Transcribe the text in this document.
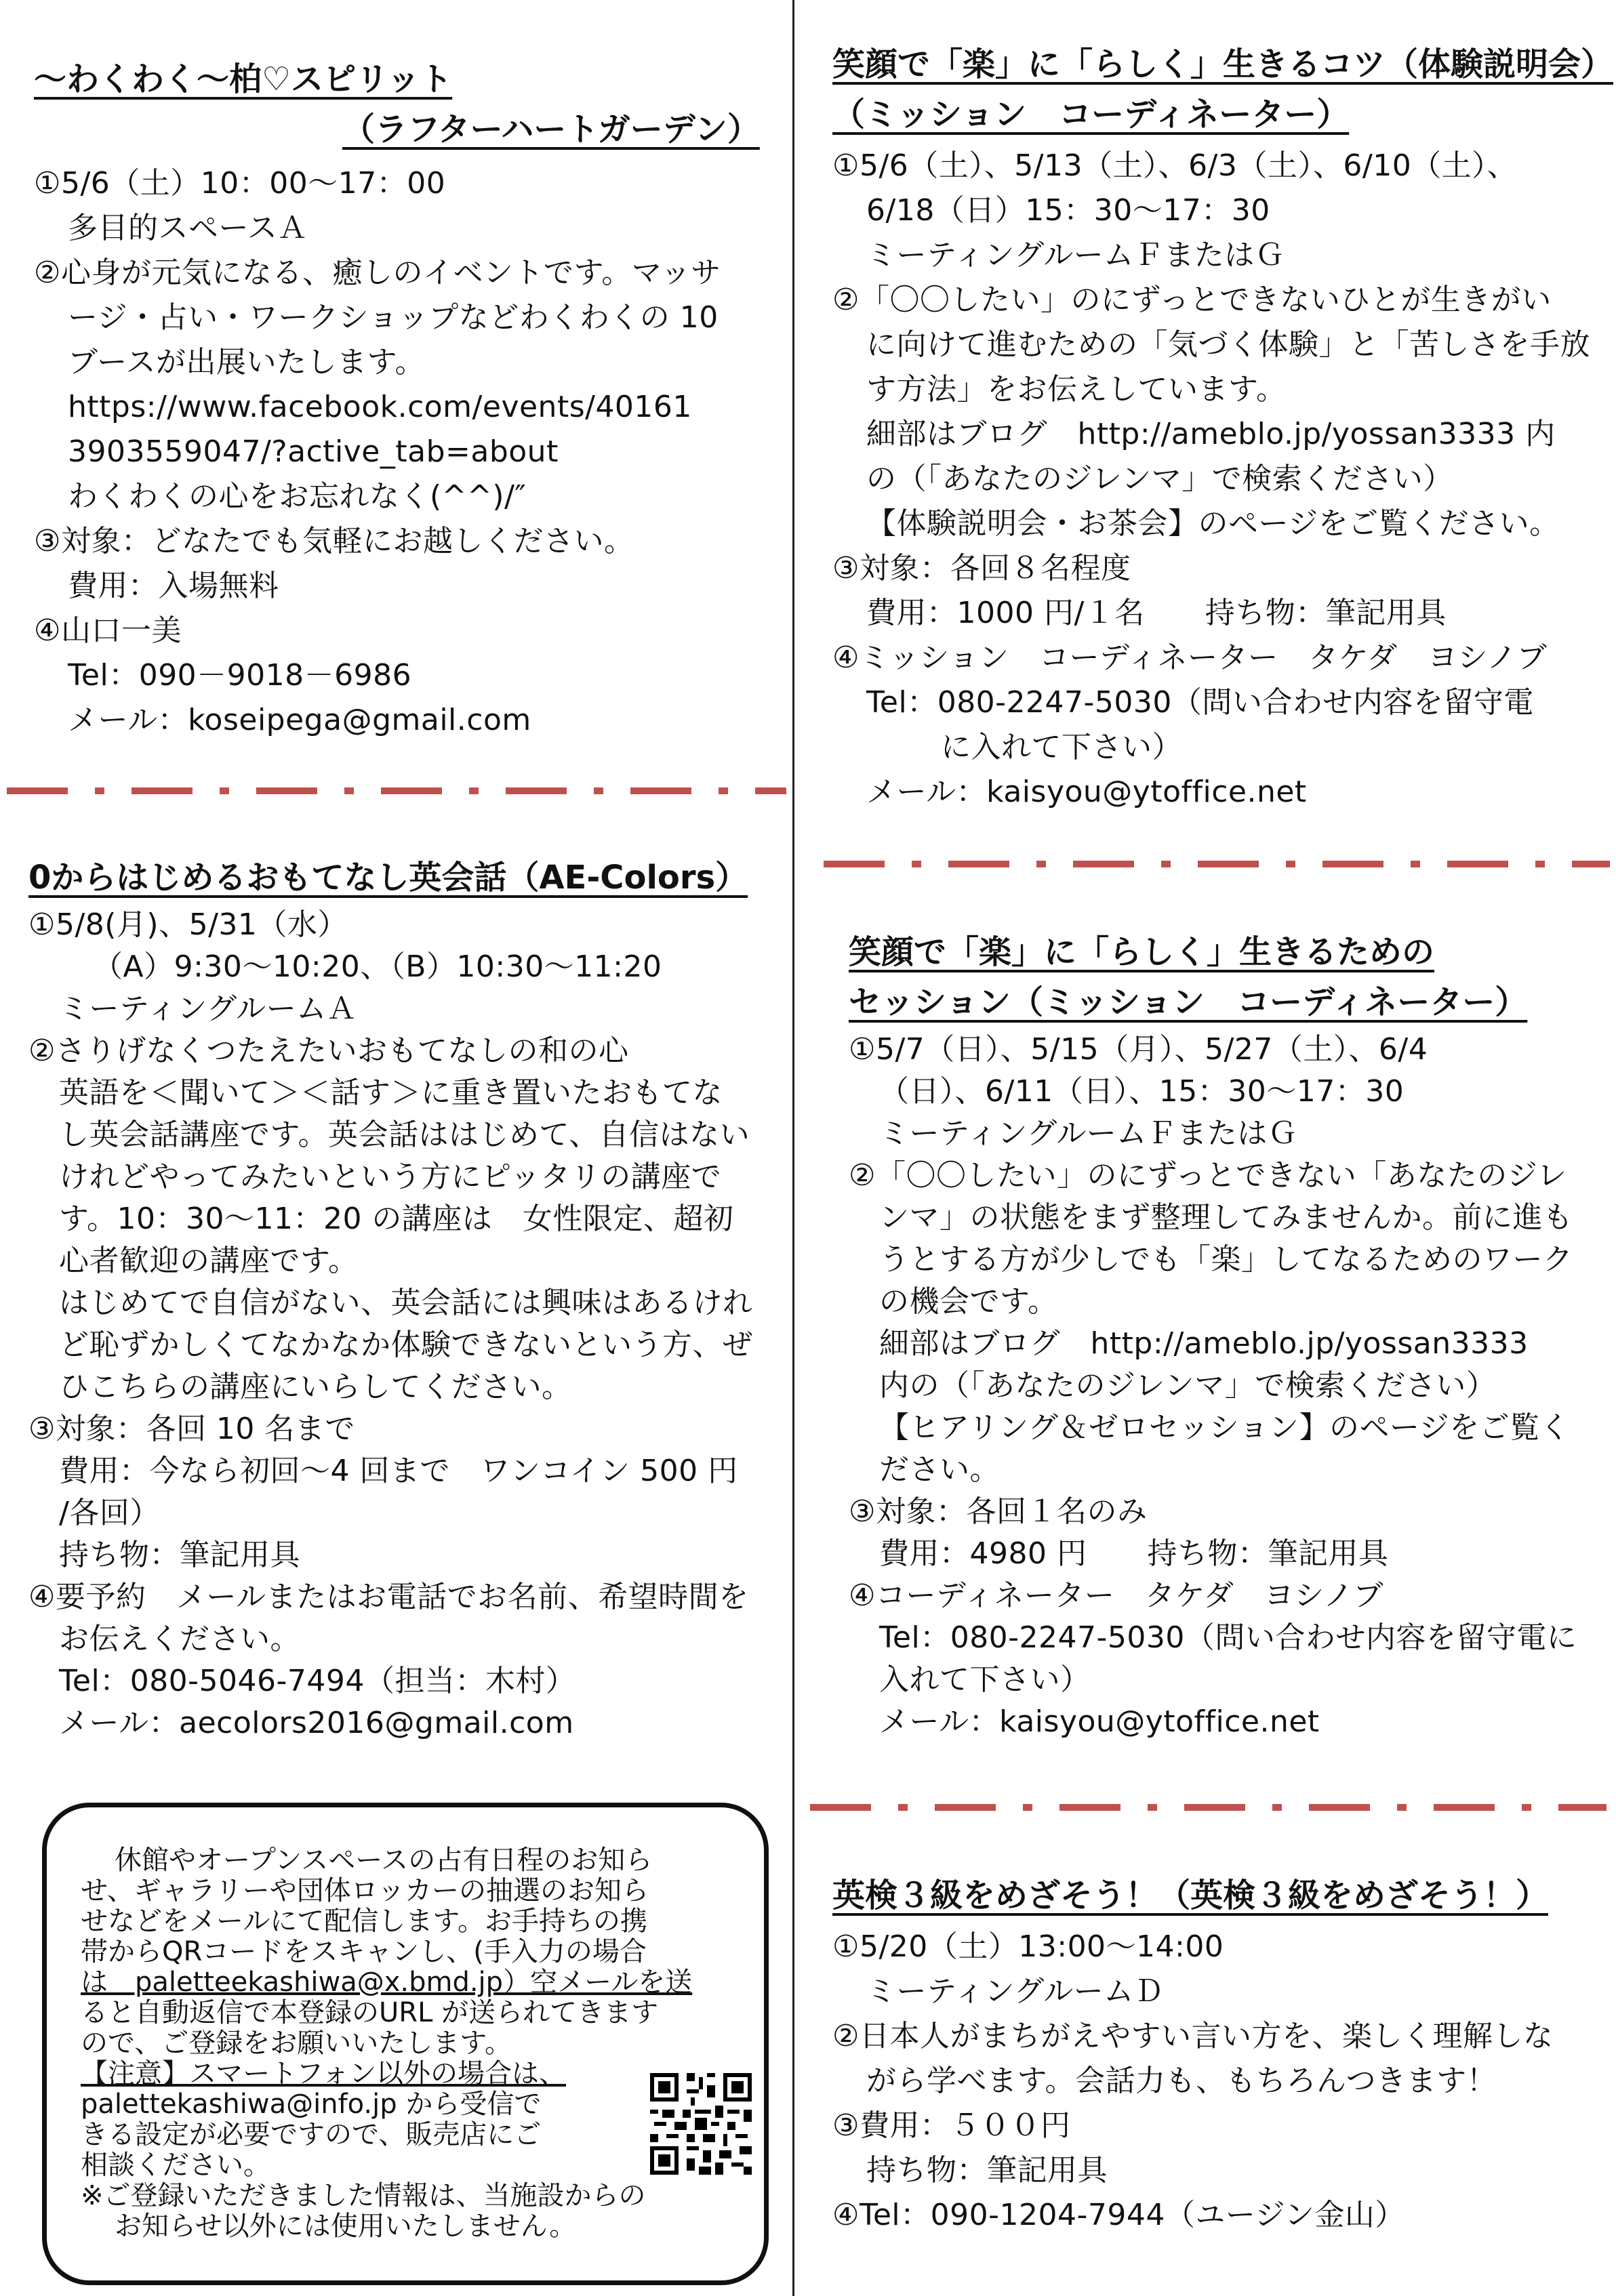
〜わくわく〜柏♡スピリット
（ラフターハートガーデン）
①5/6（土）10：00〜17：00
多目的スペースＡ
②心身が元気になる、癒しのイベントです。マッサ
ージ・占い・ワークショップなどわくわくの 10
ブースが出展いたします。
https://www.facebook.com/events/40161
3903559047/?active_tab=about
わくわくの心をお忘れなく(^^)/″
③対象：どなたでも気軽にお越しください。
費用：入場無料
④山口一美
Tel：090－9018－6986
メール：koseipega@gmail.com
0からはじめるおもてなし英会話（AE-Colors）
①5/8(月)、5/31（水）
（A）9:30〜10:20、（B）10:30〜11:20
ミーティングルームＡ
②さりげなくつたえたいおもてなしの和の心
英語を＜聞いて＞＜話す＞に重き置いたおもてな
し英会話講座です。英会話ははじめて、自信はない
けれどやってみたいという方にピッタリの講座で
す。10：30〜11：20 の講座は　女性限定、超初
心者歓迎の講座です。
はじめてで自信がない、英会話には興味はあるけれ
ど恥ずかしくてなかなか体験できないという方、ぜ
ひこちらの講座にいらしてください。
③対象：各回 10 名まで
費用：今なら初回〜4 回まで　ワンコイン 500 円
/各回）
持ち物：筆記用具
④要予約　メールまたはお電話でお名前、希望時間を
お伝えください。
Tel：080-5046-7494（担当：木村）
メール：aecolors2016@gmail.com
休館やオープンスペースの占有日程のお知ら
せ、ギャラリーや団体ロッカーの抽選のお知ら
せなどをメールにて配信します。お手持ちの携
帯からQRコードをスキャンし、(手入力の場合
は　paletteekashiwa@x.bmd.jp）空メールを送
ると自動返信で本登録のURL が送られてきます
ので、ご登録をお願いいたします。
【注意】スマートフォン以外の場合は、
palettekashiwa@info.jp から受信で
きる設定が必要ですので、販売店にご
相談ください。
※ご登録いただきました情報は、当施設からの
お知らせ以外には使用いたしません。
笑顔で「楽」に「らしく」生きるコツ（体験説明会）
（ミッション　コーディネーター）
①5/6（土）、5/13（土）、6/3（土）、6/10（土）、
6/18（日）15：30〜17：30
ミーティングルームＦまたはＧ
②「〇〇したい」のにずっとできないひとが生きがい
に向けて進むための「気づく体験」と「苦しさを手放
す方法」をお伝えしています。
細部はブログ　http://ameblo.jp/yossan3333 内
の（「あなたのジレンマ」で検索ください）
【体験説明会・お茶会】のページをご覧ください。
③対象：各回８名程度
費用：1000 円/１名　　持ち物：筆記用具
④ミッション　コーディネーター　タケダ　ヨシノブ
Tel：080-2247-5030（問い合わせ内容を留守電
に入れて下さい）
メール：kaisyou@ytoffice.net
笑顔で「楽」に「らしく」生きるための
セッション（ミッション　コーディネーター）
①5/7（日）、5/15（月）、5/27（土）、6/4
（日）、6/11（日）、15：30〜17：30
ミーティングルームＦまたはＧ
②「〇〇したい」のにずっとできない「あなたのジレ
ンマ」の状態をまず整理してみませんか。前に進も
うとする方が少しでも「楽」してなるためのワーク
の機会です。
細部はブログ　http://ameblo.jp/yossan3333
内の（「あなたのジレンマ」で検索ください）
【ヒアリング＆ゼロセッション】のページをご覧く
ださい。
③対象：各回１名のみ
費用：4980 円　　持ち物：筆記用具
④コーディネーター　タケダ　ヨシノブ
Tel：080-2247-5030（問い合わせ内容を留守電に
入れて下さい）
メール：kaisyou@ytoffice.net
英検３級をめざそう！（英検３級をめざそう！）
①5/20（土）13:00〜14:00
ミーティングルームＤ
②日本人がまちがえやすい言い方を、楽しく理解しな
がら学べます。会話力も、もちろんつきます！
③費用：５００円
持ち物：筆記用具
④Tel：090-1204-7944（ユージン金山）
